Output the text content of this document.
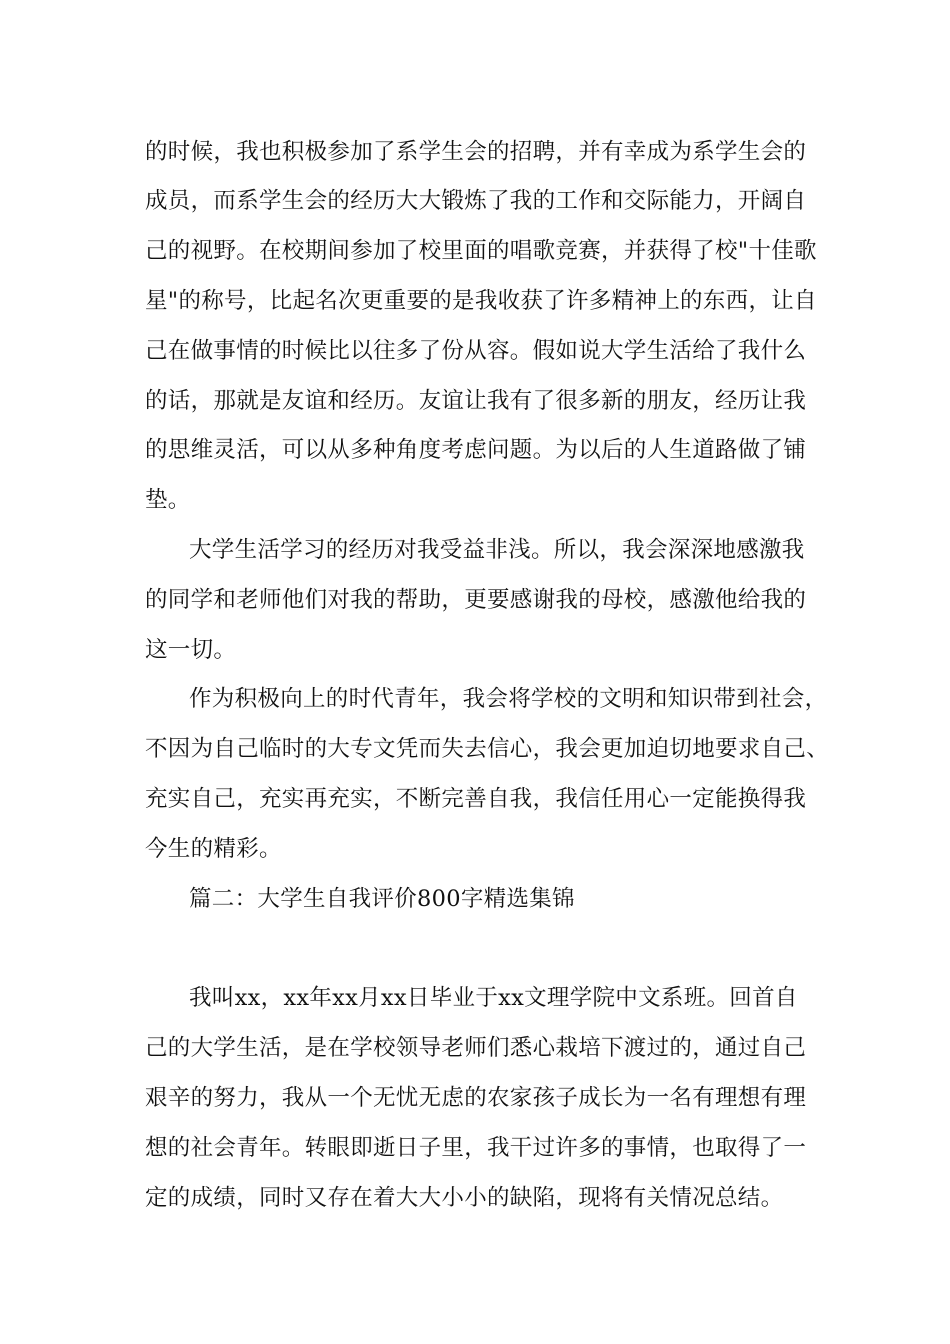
的时候，我也积极参加了系学生会的招聘，并有幸成为系学生会的
成员，而系学生会的经历大大锻炼了我的工作和交际能力，开阔自
己的视野。在校期间参加了校里面的唱歌竞赛，并获得了校"十佳歌
星"的称号，比起名次更重要的是我收获了许多精神上的东西，让自
己在做事情的时候比以往多了份从容。假如说大学生活给了我什么
的话，那就是友谊和经历。友谊让我有了很多新的朋友，经历让我
的思维灵活，可以从多种角度考虑问题。为以后的人生道路做了铺
垫。
大学生活学习的经历对我受益非浅。所以，我会深深地感激我
的同学和老师他们对我的帮助，更要感谢我的母校，感激他给我的
这一切。
作为积极向上的时代青年，我会将学校的文明和知识带到社会，
不因为自己临时的大专文凭而失去信心，我会更加迫切地要求自己、
充实自己，充实再充实，不断完善自我，我信任用心一定能换得我
今生的精彩。
篇二：大学生自我评价800字精选集锦
我叫xx，xx年xx月xx日毕业于xx文理学院中文系班。回首自
己的大学生活，是在学校领导老师们悉心栽培下渡过的，通过自己
艰辛的努力，我从一个无忧无虑的农家孩子成长为一名有理想有理
想的社会青年。转眼即逝日子里，我干过许多的事情，也取得了一
定的成绩，同时又存在着大大小小的缺陷，现将有关情况总结。
